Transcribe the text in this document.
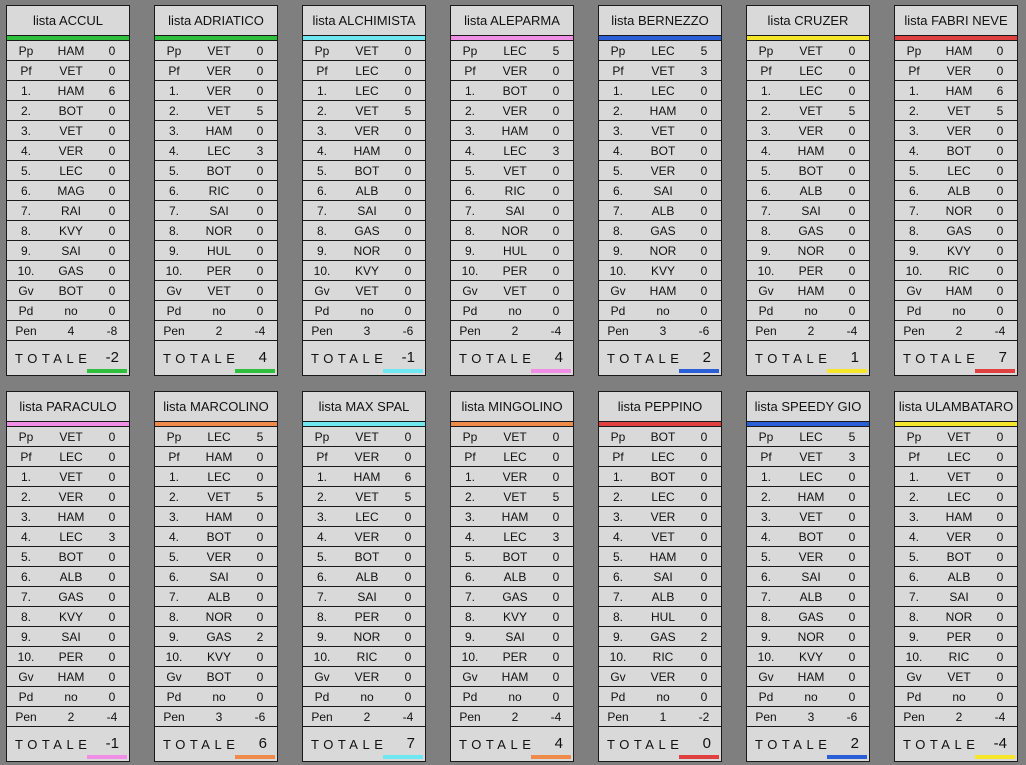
lista ACCUL
Pp	HAM	0
Pf	VET	0
1.	HAM	6
2.	BOT	0
3.	VET	0
4.	VER	0
5.	LEC	0
6.	MAG	0
7.	RAI	0
8.	KVY	0
9.	SAI	0
10.	GAS	0
Gv	BOT	0
Pd	no	0
Pen	4	-8
TOTALE -2
lista ADRIATICO
Pp	VET	0
Pf	VER	0
1.	VER	0
2.	VET	5
3.	HAM	0
4.	LEC	3
5.	BOT	0
6.	RIC	0
7.	SAI	0
8.	NOR	0
9.	HUL	0
10.	PER	0
Gv	VET	0
Pd	no	0
Pen	2	-4
TOTALE 4
lista ALCHIMISTA
Pp	VET	0
Pf	LEC	0
1.	LEC	0
2.	VET	5
3.	VER	0
4.	HAM	0
5.	BOT	0
6.	ALB	0
7.	SAI	0
8.	GAS	0
9.	NOR	0
10.	KVY	0
Gv	VET	0
Pd	no	0
Pen	3	-6
TOTALE -1
lista ALEPARMA
Pp	LEC	5
Pf	VER	0
1.	BOT	0
2.	VER	0
3.	HAM	0
4.	LEC	3
5.	VET	0
6.	RIC	0
7.	SAI	0
8.	NOR	0
9.	HUL	0
10.	PER	0
Gv	VET	0
Pd	no	0
Pen	2	-4
TOTALE 4
lista BERNEZZO
Pp	LEC	5
Pf	VET	3
1.	LEC	0
2.	HAM	0
3.	VET	0
4.	BOT	0
5.	VER	0
6.	SAI	0
7.	ALB	0
8.	GAS	0
9.	NOR	0
10.	KVY	0
Gv	HAM	0
Pd	no	0
Pen	3	-6
TOTALE 2
lista CRUZER
Pp	VET	0
Pf	LEC	0
1.	LEC	0
2.	VET	5
3.	VER	0
4.	HAM	0
5.	BOT	0
6.	ALB	0
7.	SAI	0
8.	GAS	0
9.	NOR	0
10.	PER	0
Gv	HAM	0
Pd	no	0
Pen	2	-4
TOTALE 1
lista FABRI NEVE
Pp	HAM	0
Pf	VER	0
1.	HAM	6
2.	VET	5
3.	VER	0
4.	BOT	0
5.	LEC	0
6.	ALB	0
7.	NOR	0
8.	GAS	0
9.	KVY	0
10.	RIC	0
Gv	HAM	0
Pd	no	0
Pen	2	-4
TOTALE 7
lista PARACULO
Pp	VET	0
Pf	LEC	0
1.	VET	0
2.	VER	0
3.	HAM	0
4.	LEC	3
5.	BOT	0
6.	ALB	0
7.	GAS	0
8.	KVY	0
9.	SAI	0
10.	PER	0
Gv	HAM	0
Pd	no	0
Pen	2	-4
TOTALE -1
lista MARCOLINO
Pp	LEC	5
Pf	HAM	0
1.	LEC	0
2.	VET	5
3.	HAM	0
4.	BOT	0
5.	VER	0
6.	SAI	0
7.	ALB	0
8.	NOR	0
9.	GAS	2
10.	KVY	0
Gv	BOT	0
Pd	no	0
Pen	3	-6
TOTALE 6
lista MAX SPAL
Pp	VET	0
Pf	VER	0
1.	HAM	6
2.	VET	5
3.	LEC	0
4.	VER	0
5.	BOT	0
6.	ALB	0
7.	SAI	0
8.	PER	0
9.	NOR	0
10.	RIC	0
Gv	VER	0
Pd	no	0
Pen	2	-4
TOTALE 7
lista MINGOLINO
Pp	VET	0
Pf	LEC	0
1.	VER	0
2.	VET	5
3.	HAM	0
4.	LEC	3
5.	BOT	0
6.	ALB	0
7.	GAS	0
8.	KVY	0
9.	SAI	0
10.	PER	0
Gv	HAM	0
Pd	no	0
Pen	2	-4
TOTALE 4
lista PEPPINO
Pp	BOT	0
Pf	LEC	0
1.	BOT	0
2.	LEC	0
3.	VER	0
4.	VET	0
5.	HAM	0
6.	SAI	0
7.	ALB	0
8.	HUL	0
9.	GAS	2
10.	RIC	0
Gv	VER	0
Pd	no	0
Pen	1	-2
TOTALE 0
lista SPEEDY GIO
Pp	LEC	5
Pf	VET	3
1.	LEC	0
2.	HAM	0
3.	VET	0
4.	BOT	0
5.	VER	0
6.	SAI	0
7.	ALB	0
8.	GAS	0
9.	NOR	0
10.	KVY	0
Gv	HAM	0
Pd	no	0
Pen	3	-6
TOTALE 2
lista ULAMBATARO
Pp	VET	0
Pf	LEC	0
1.	VET	0
2.	LEC	0
3.	HAM	0
4.	VER	0
5.	BOT	0
6.	ALB	0
7.	SAI	0
8.	NOR	0
9.	PER	0
10.	RIC	0
Gv	VET	0
Pd	no	0
Pen	2	-4
TOTALE -4
